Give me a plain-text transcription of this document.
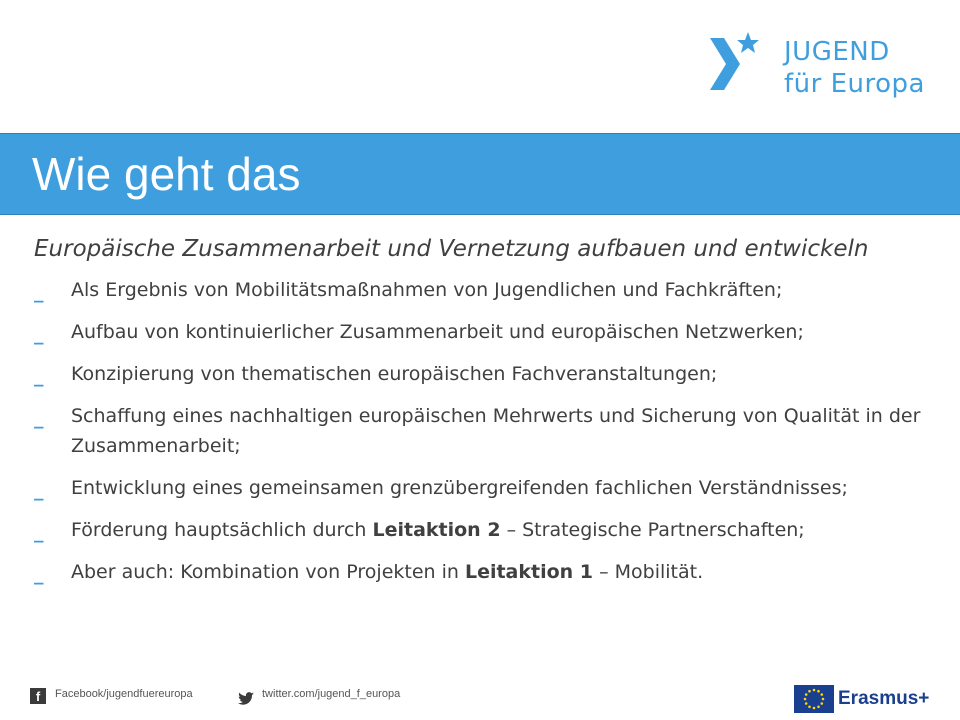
JUGEND
für Europa
Wie geht das

Europäische Zusammenarbeit und Vernetzung aufbauen und entwickeln

_ Als Ergebnis von Mobilitätsmaßnahmen von Jugendlichen und Fachkräften;
_ Aufbau von kontinuierlicher Zusammenarbeit und europäischen Netzwerken;
_ Konzipierung von thematischen europäischen Fachveranstaltungen;
_ Schaffung eines nachhaltigen europäischen Mehrwerts und Sicherung von Qualität in der Zusammenarbeit;
_ Entwicklung eines gemeinsamen grenzübergreifenden fachlichen Verständnisses;
_ Förderung hauptsächlich durch Leitaktion 2 – Strategische Partnerschaften;
_ Aber auch: Kombination von Projekten in Leitaktion 1 – Mobilität.
f	Facebook/jugendfuereuropa	twitter.com/jugend_f_europa	Erasmus+
